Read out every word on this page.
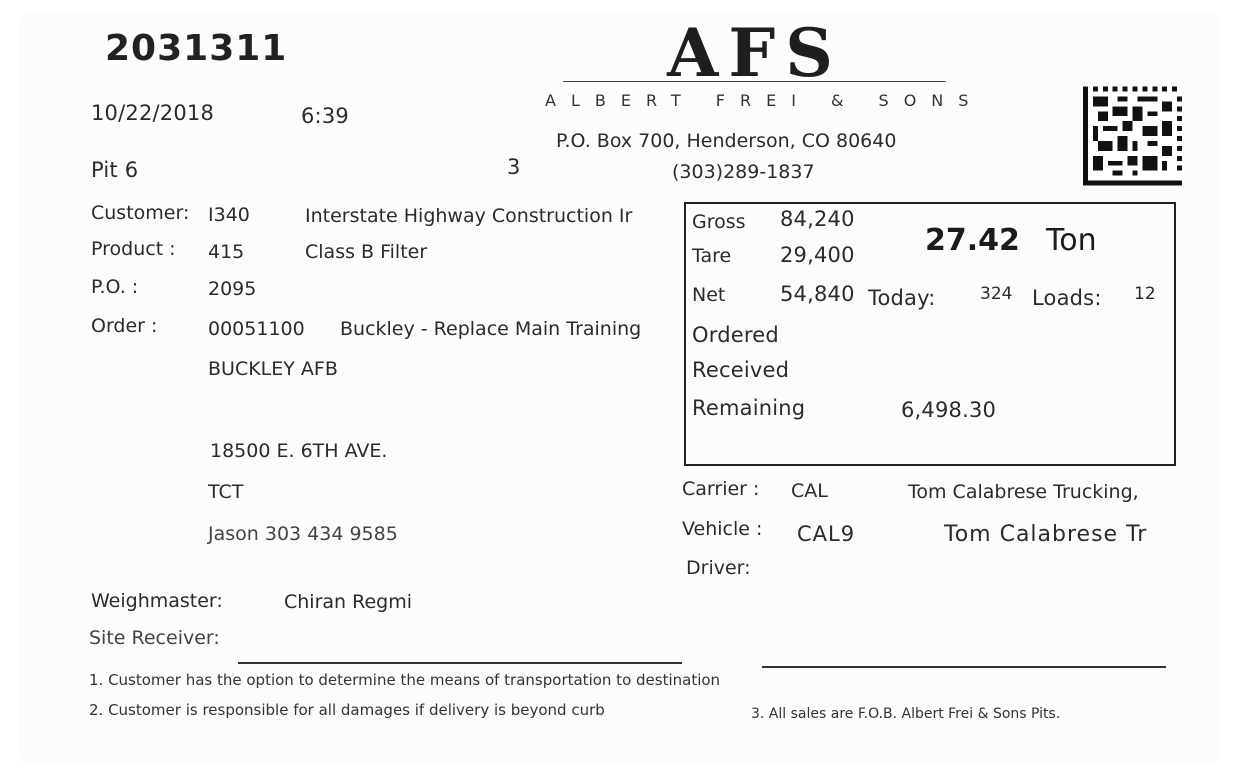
2031311
10/22/2018	6:39
Pit 6	3
AFS
ALBERT FREI & SONS
P.O. Box 700, Henderson, CO 80640
(303)289-1837
Customer: I340	Interstate Highway Construction Ir
Product : 415	Class B Filter
P.O. :	2095
Order :	00051100 Buckley - Replace Main Training
BUCKLEY AFB
18500 E. 6TH AVE.
TCT
Jason 303 434 9585
Gross 84,240
Tare 29,400
Net	54,840
27.42 Ton
Today:	324 Loads: 12
Ordered
Received
Remaining	6,498.30
Carrier : CAL	Tom Calabrese Trucking,
Vehicle : CAL9	Tom Calabrese Tr
Driver:
Weighmaster:	Chiran Regmi
Site Receiver:
1. Customer has the option to determine the means of transportation to destination
2. Customer is responsible for all damages if delivery is beyond curb	3. All sales are F.O.B. Albert Frei & Sons Pits.
